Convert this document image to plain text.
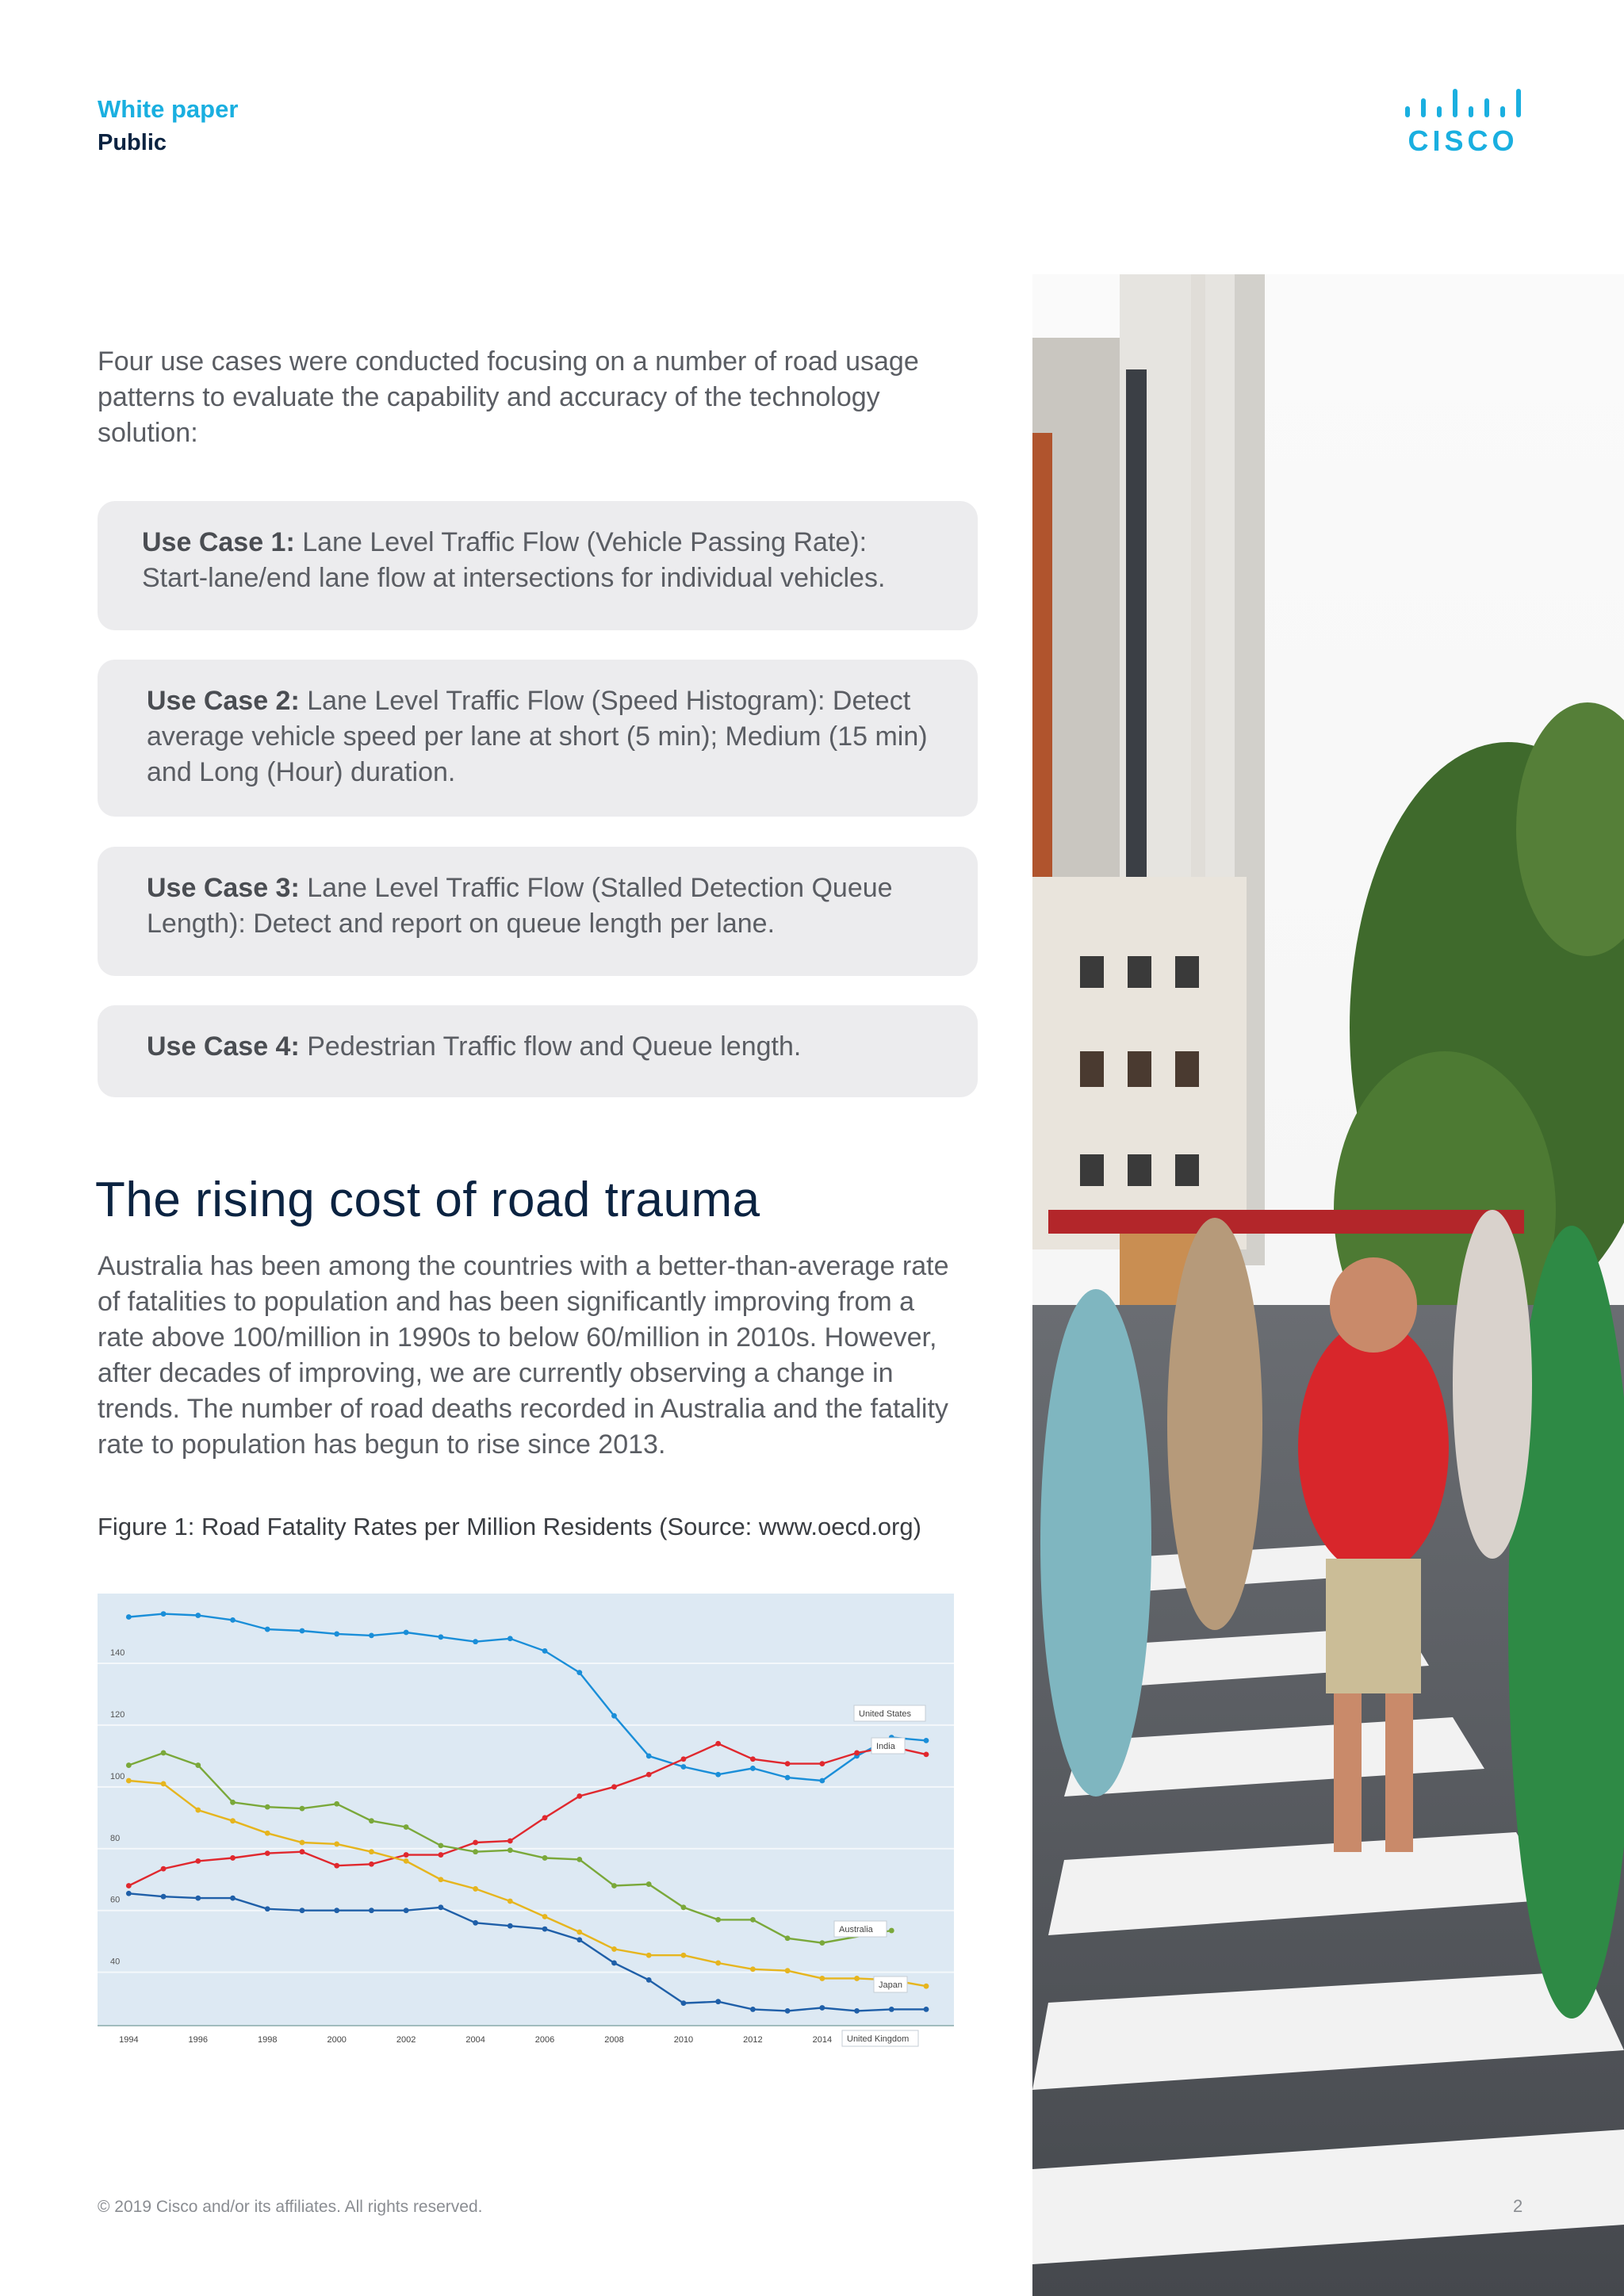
White paper
Public	CISCO

Four use cases were conducted focusing on a number of road usage patterns to evaluate the capability and accuracy of the technology solution:

Use Case 1: Lane Level Traffic Flow (Vehicle Passing Rate): Start-lane/end lane flow at intersections for individual vehicles.
Use Case 2: Lane Level Traffic Flow (Speed Histogram): Detect average vehicle speed per lane at short (5 min); Medium (15 min) and Long (Hour) duration.
Use Case 3: Lane Level Traffic Flow (Stalled Detection Queue Length): Detect and report on queue length per lane.
Use Case 4: Pedestrian Traffic flow and Queue length.
The rising cost of road trauma

Australia has been among the countries with a better-than-average rate of fatalities to population and has been significantly improving from a rate above 100/million in 1990s to below 60/million in 2010s. However, after decades of improving, we are currently observing a change in trends. The number of road deaths recorded in Australia and the fatality rate to population has begun to rise since 2013.

Figure 1: Road Fatality Rates per Million Residents (Source: www.oecd.org)
40
60
80
100
120
140
1994	1996	1998	2000	2002	2004	2006	2008	2010	2012	2014
United States
India
Australia
Japan
United Kingdom
© 2019 Cisco and/or its affiliates. All rights reserved.	2
